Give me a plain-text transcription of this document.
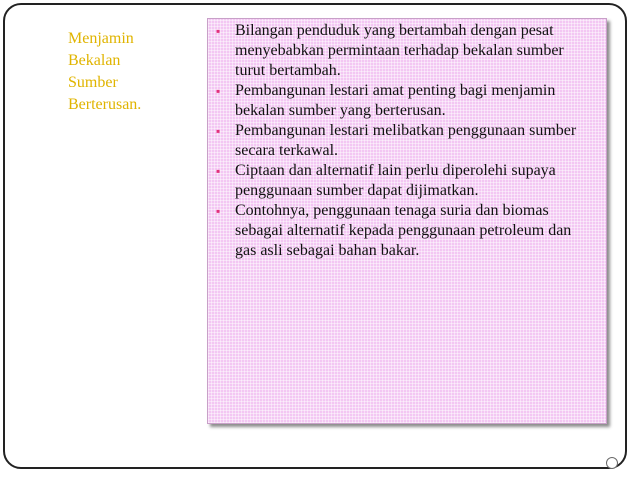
Menjamin
Bekalan
Sumber
Berterusan.
▪ Bilangan penduduk yang bertambah dengan pesat menyebabkan permintaan terhadap bekalan sumber turut bertambah.
▪ Pembangunan lestari amat penting bagi menjamin bekalan sumber yang berterusan.
▪ Pembangunan lestari melibatkan penggunaan sumber secara terkawal.
▪ Ciptaan dan alternatif lain perlu diperolehi supaya penggunaan sumber dapat dijimatkan.
▪ Contohnya, penggunaan tenaga suria dan biomas sebagai alternatif kepada penggunaan petroleum dan gas asli sebagai bahan bakar.
